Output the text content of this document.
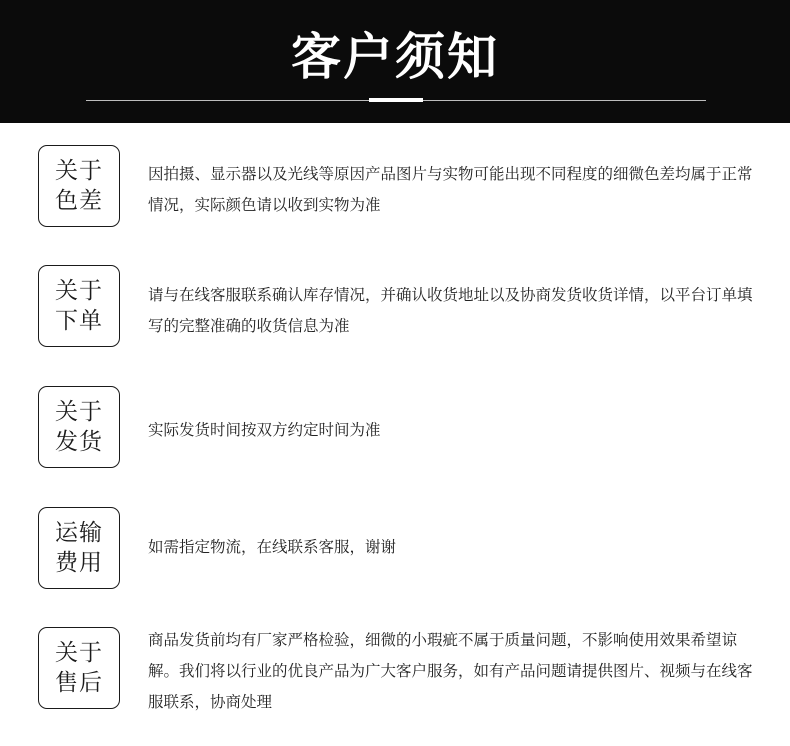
客户须知
关于
色差
因拍摄、显示器以及光线等原因产品图片与实物可能出现不同程度的细微色差均属于正常情况，实际颜色请以收到实物为准
关于
下单
请与在线客服联系确认库存情况，并确认收货地址以及协商发货收货详情，以平台订单填写的完整准确的收货信息为准
关于
发货	实际发货时间按双方约定时间为准
运输
费用
如需指定物流，在线联系客服，谢谢
关于
售后
商品发货前均有厂家严格检验，细微的小瑕疵不属于质量问题，不影响使用效果希望谅解。我们将以行业的优良产品为广大客户服务，如有产品问题请提供图片、视频与在线客服联系，协商处理
